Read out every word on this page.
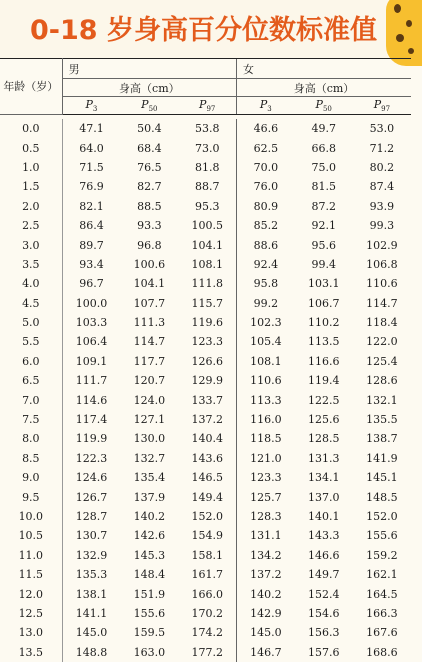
0-18 岁身高百分位数标准值
年龄（岁）	男			女		
	身高（cm）			身高（cm）		
	$P_3$	$P_{50}$	$P_{97}$	$P_3$	$P_{50}$	$P_{97}$

0.0	47.1	50.4	53.8	46.6	49.7	53.0
0.5	64.0	68.4	73.0	62.5	66.8	71.2
1.0	71.5	76.5	81.8	70.0	75.0	80.2
1.5	76.9	82.7	88.7	76.0	81.5	87.4
2.0	82.1	88.5	95.3	80.9	87.2	93.9
2.5	86.4	93.3	100.5	85.2	92.1	99.3
3.0	89.7	96.8	104.1	88.6	95.6	102.9
3.5	93.4	100.6	108.1	92.4	99.4	106.8
4.0	96.7	104.1	111.8	95.8	103.1	110.6
4.5	100.0	107.7	115.7	99.2	106.7	114.7
5.0	103.3	111.3	119.6	102.3	110.2	118.4
5.5	106.4	114.7	123.3	105.4	113.5	122.0
6.0	109.1	117.7	126.6	108.1	116.6	125.4
6.5	111.7	120.7	129.9	110.6	119.4	128.6
7.0	114.6	124.0	133.7	113.3	122.5	132.1
7.5	117.4	127.1	137.2	116.0	125.6	135.5
8.0	119.9	130.0	140.4	118.5	128.5	138.7
8.5	122.3	132.7	143.6	121.0	131.3	141.9
9.0	124.6	135.4	146.5	123.3	134.1	145.1
9.5	126.7	137.9	149.4	125.7	137.0	148.5
10.0	128.7	140.2	152.0	128.3	140.1	152.0
10.5	130.7	142.6	154.9	131.1	143.3	155.6
11.0	132.9	145.3	158.1	134.2	146.6	159.2
11.5	135.3	148.4	161.7	137.2	149.7	162.1
12.0	138.1	151.9	166.0	140.2	152.4	164.5
12.5	141.1	155.6	170.2	142.9	154.6	166.3
13.0	145.0	159.5	174.2	145.0	156.3	167.6
13.5	148.8	163.0	177.2	146.7	157.6	168.6
